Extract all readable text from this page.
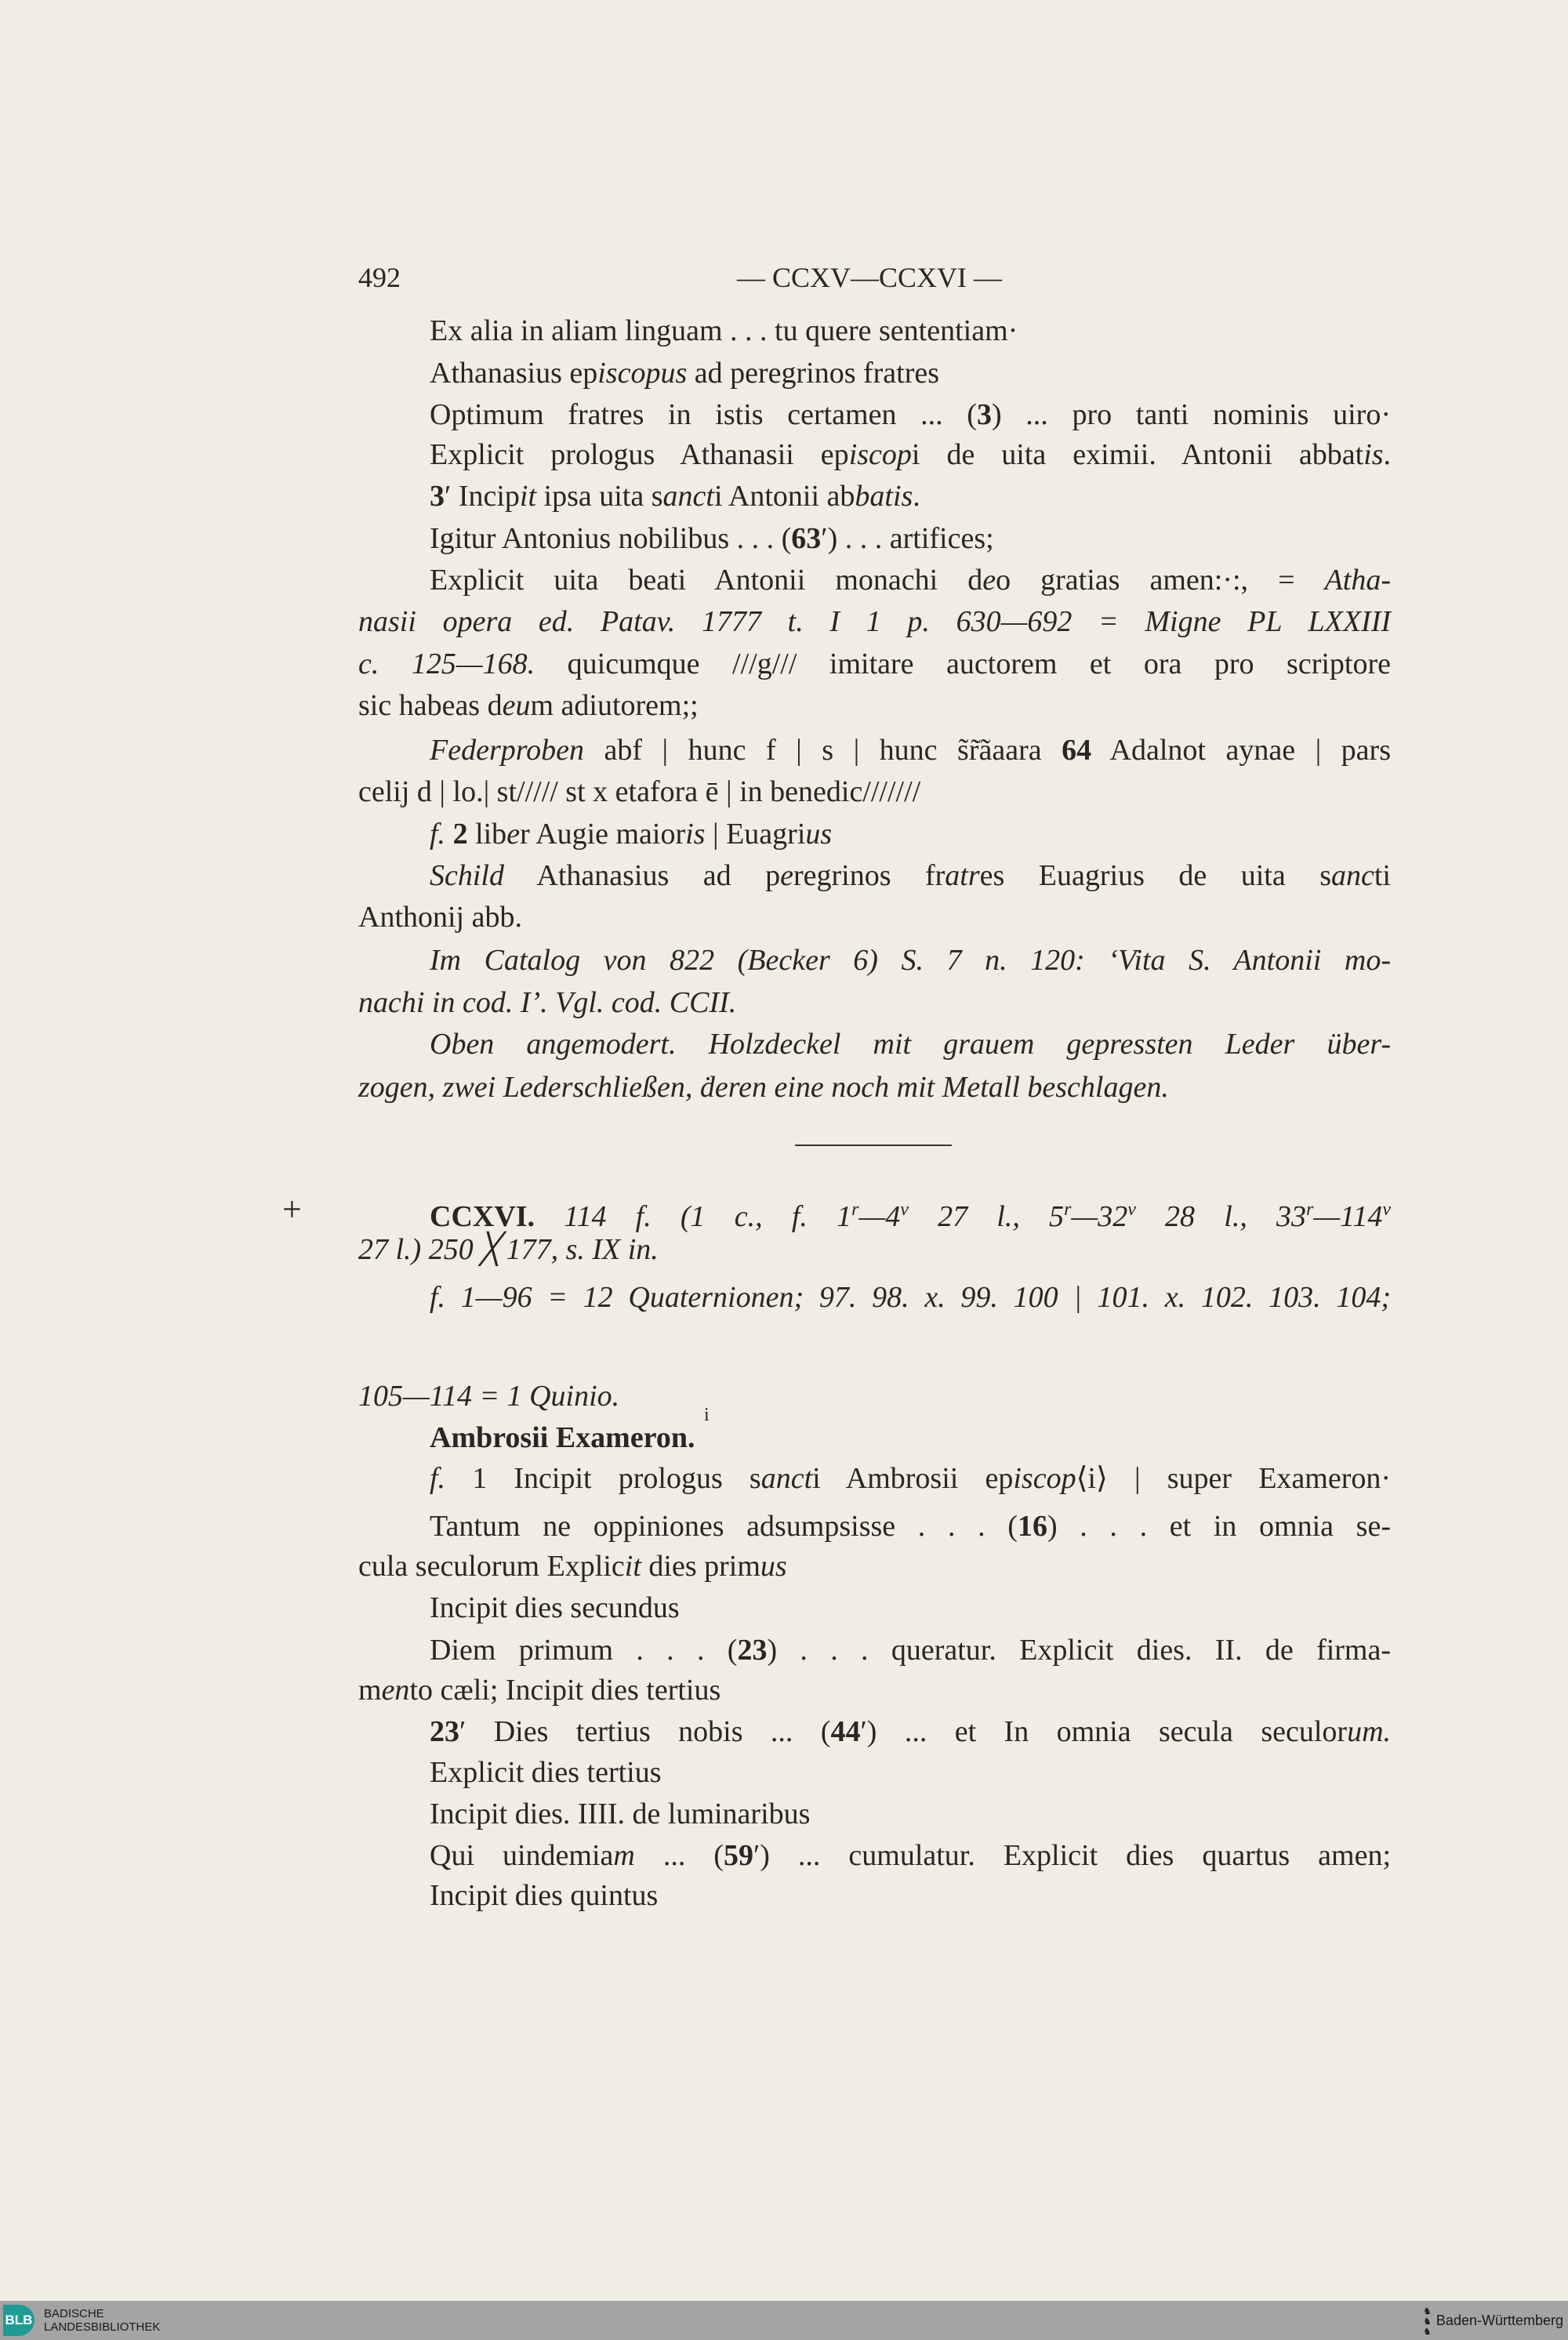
492	— CCXV—CCXVI —
Ex alia in aliam linguam . . . tu quere sententiam·
Athanasius episcopus ad peregrinos fratres
Optimum fratres in istis certamen ... (3) ... pro tanti nominis uiro·
Explicit prologus Athanasii episcopi de uita eximii. Antonii abbatis.
3′ Incipit ipsa uita sancti Antonii abbatis.
Igitur Antonius nobilibus . . . (63′) . . . artifices;
Explicit uita beati Antonii monachi deo gratias amen:·:, = Atha-
nasii opera ed. Patav. 1777 t. I 1 p. 630—692 = Migne PL LXXIII
c. 125—168. quicumque ///g/// imitare auctorem et ora pro scriptore
sic habeas deum adiutorem;;
Federproben abf | hunc f | s | hunc s̃r̃ãaara 64 Adalnot aynae | pars
celij d | lo.| st///// st x etafora ē | in benedic///////
f. 2 liber Augie maioris | Euagrius
Schild Athanasius ad peregrinos fratres Euagrius de uita sancti
Anthonij abb.
Im Catalog von 822 (Becker 6) S. 7 n. 120: ‘Vita S. Antonii mo-
nachi in cod. I’. Vgl. cod. CCII.
Oben angemodert. Holzdeckel mit grauem gepressten Leder über-
zogen, zwei Lederschließen, ḋeren eine noch mit Metall beschlagen.
+	CCXVI. 114 f. (1 c., f. 1$^r$—4$^v$ 27 l., 5$^r$—32$^v$ 28 l., 33$^r$—114$^v$
27 l.) 250 ╳ 177, s. IX in.
f. 1—96 = 12 Quaternionen; 97. 98. x. 99. 100 | 101. x. 102. 103. 104;
105—114 = 1 Quinio.
Ambrosii Exameron.
f. 1 Incipit prologus sancti Ambrosii episcop⟨i⟩ | super Exameron·
i
Tantum ne oppiniones adsumpsisse . . . (16) . . . et in omnia se-
cula seculorum Explicit dies primus
Incipit dies secundus
Diem primum . . . (23) . . . queratur. Explicit dies. II. de firma-
mento cæli; Incipit dies tertius
23′ Dies tertius nobis ... (44′) ... et In omnia secula seculorum.
Explicit dies tertius
Incipit dies. IIII. de luminaribus
Qui uindemiam ... (59′) ... cumulatur. Explicit dies quartus amen;
Incipit dies quintus
BLB BADISCHE
LANDESBIBLIOTHEK
♞
♞
♞Baden-Württemberg
